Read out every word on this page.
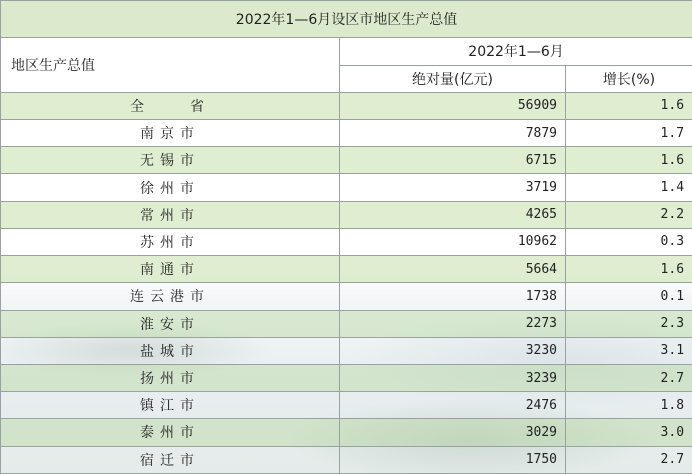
2022年1—6月设区市地区生产总值		
地区生产总值	2022年1—6月	
	绝对量(亿元)	增长(%)
全　　省	56909	1.6
南京市	7879	1.7
无锡市	6715	1.6
徐州市	3719	1.4
常州市	4265	2.2
苏州市	10962	0.3
南通市	5664	1.6
连云港市	1738	0.1
淮安市	2273	2.3
盐城市	3230	3.1
扬州市	3239	2.7
镇江市	2476	1.8
泰州市	3029	3.0
宿迁市	1750	2.7
